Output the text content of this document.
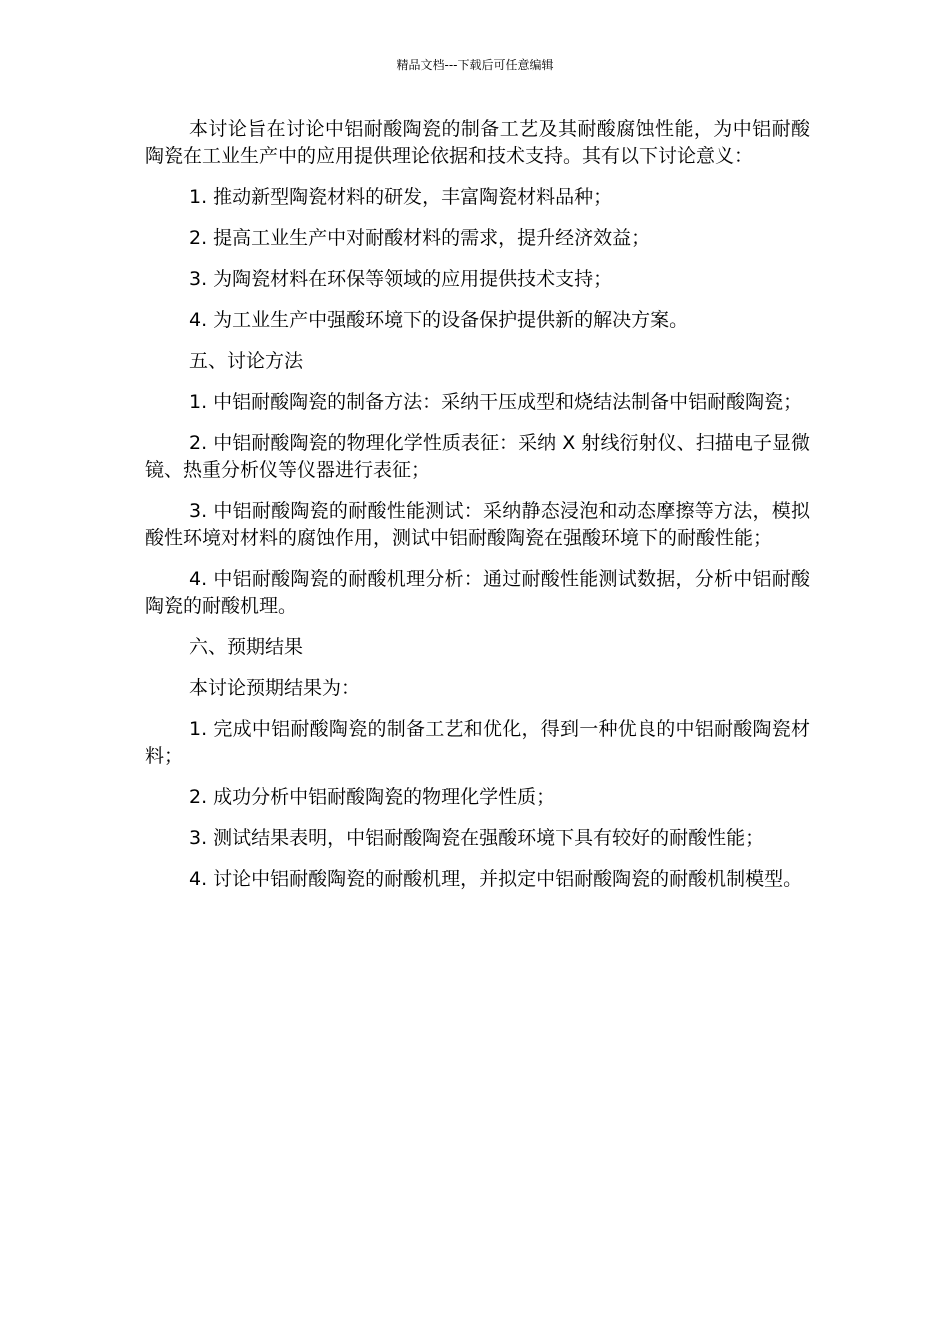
精品文档---下载后可任意编辑

本讨论旨在讨论中铝耐酸陶瓷的制备工艺及其耐酸腐蚀性能，为中铝耐酸陶瓷在工业生产中的应用提供理论依据和技术支持。其有以下讨论意义：

1. 推动新型陶瓷材料的研发，丰富陶瓷材料品种；

2. 提高工业生产中对耐酸材料的需求，提升经济效益；

3. 为陶瓷材料在环保等领域的应用提供技术支持；

4. 为工业生产中强酸环境下的设备保护提供新的解决方案。

五、讨论方法

1. 中铝耐酸陶瓷的制备方法：采纳干压成型和烧结法制备中铝耐酸陶瓷；

2. 中铝耐酸陶瓷的物理化学性质表征：采纳 X 射线衍射仪、扫描电子显微镜、热重分析仪等仪器进行表征；

3. 中铝耐酸陶瓷的耐酸性能测试：采纳静态浸泡和动态摩擦等方法，模拟酸性环境对材料的腐蚀作用，测试中铝耐酸陶瓷在强酸环境下的耐酸性能；

4. 中铝耐酸陶瓷的耐酸机理分析：通过耐酸性能测试数据，分析中铝耐酸陶瓷的耐酸机理。

六、预期结果

本讨论预期结果为：

1. 完成中铝耐酸陶瓷的制备工艺和优化，得到一种优良的中铝耐酸陶瓷材料；

2. 成功分析中铝耐酸陶瓷的物理化学性质；

3. 测试结果表明，中铝耐酸陶瓷在强酸环境下具有较好的耐酸性能；

4. 讨论中铝耐酸陶瓷的耐酸机理，并拟定中铝耐酸陶瓷的耐酸机制模型。
